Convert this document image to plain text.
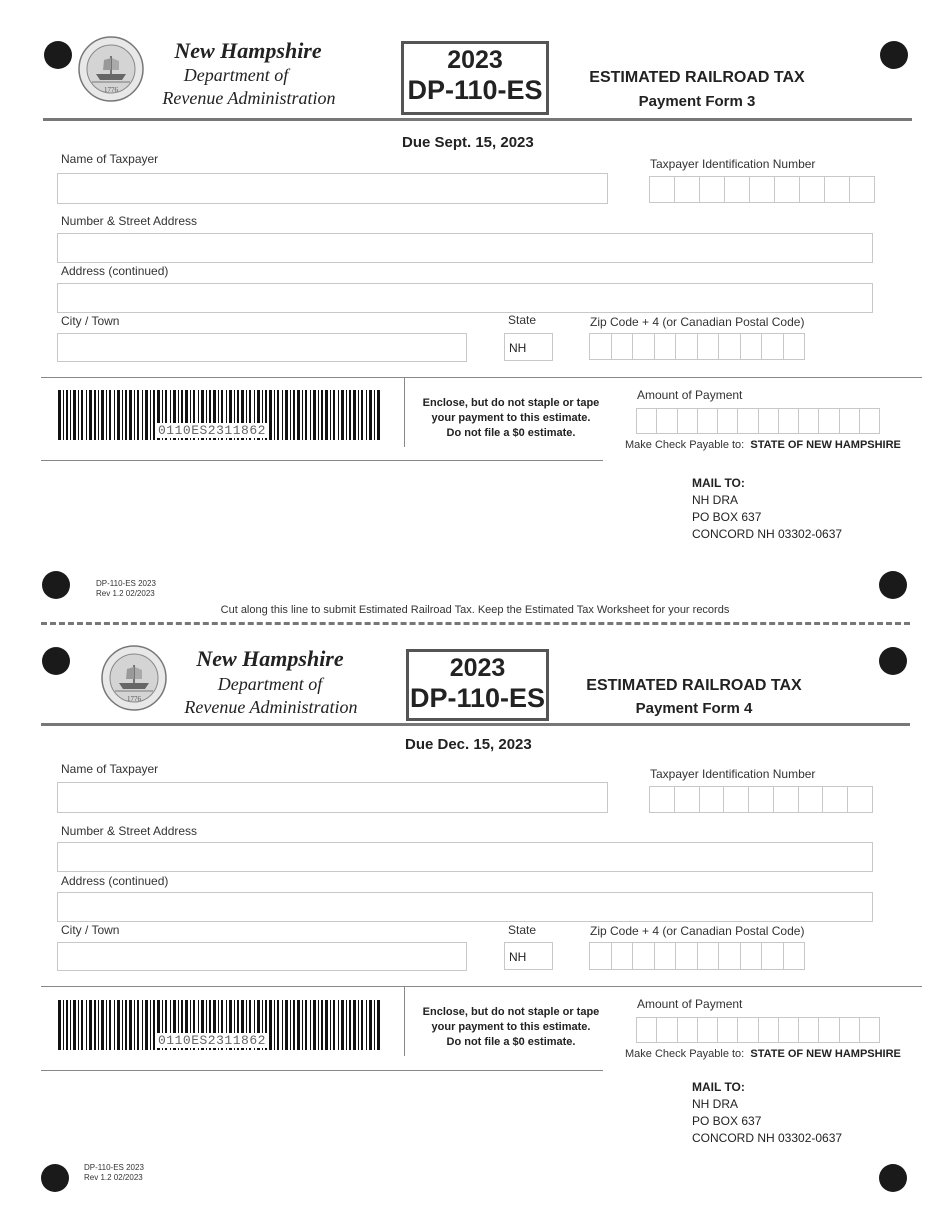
1776
New Hampshire
Department of
Revenue Administration
2023
DP-110-ES	ESTIMATED RAILROAD TAX
Payment Form 3
Due Sept. 15, 2023
Name of Taxpayer	Taxpayer Identification Number
Number & Street Address
Address (continued)
City / Town	State
NH
Zip Code + 4 (or Canadian Postal Code)
0110ES2311862
Enclose, but do not staple or tape
your payment to this estimate.
Do not file a $0 estimate.
Amount of Payment
Make Check Payable to: STATE OF NEW HAMPSHIRE
MAIL TO:
NH DRA
PO BOX 637
CONCORD NH 03302-0637
DP-110-ES 2023
Rev 1.2 02/2023
Cut along this line to submit Estimated Railroad Tax. Keep the Estimated Tax Worksheet for your records
1776
New Hampshire
Department of
Revenue Administration
2023
DP-110-ES	ESTIMATED RAILROAD TAX
Payment Form 4
Due Dec. 15, 2023
Name of Taxpayer	Taxpayer Identification Number
Number & Street Address
Address (continued)
City / Town	State
NH
Zip Code + 4 (or Canadian Postal Code)
0110ES2311862
Enclose, but do not staple or tape
your payment to this estimate.
Do not file a $0 estimate.
Amount of Payment
Make Check Payable to: STATE OF NEW HAMPSHIRE
MAIL TO:
NH DRA
PO BOX 637
CONCORD NH 03302-0637
DP-110-ES 2023
Rev 1.2 02/2023
